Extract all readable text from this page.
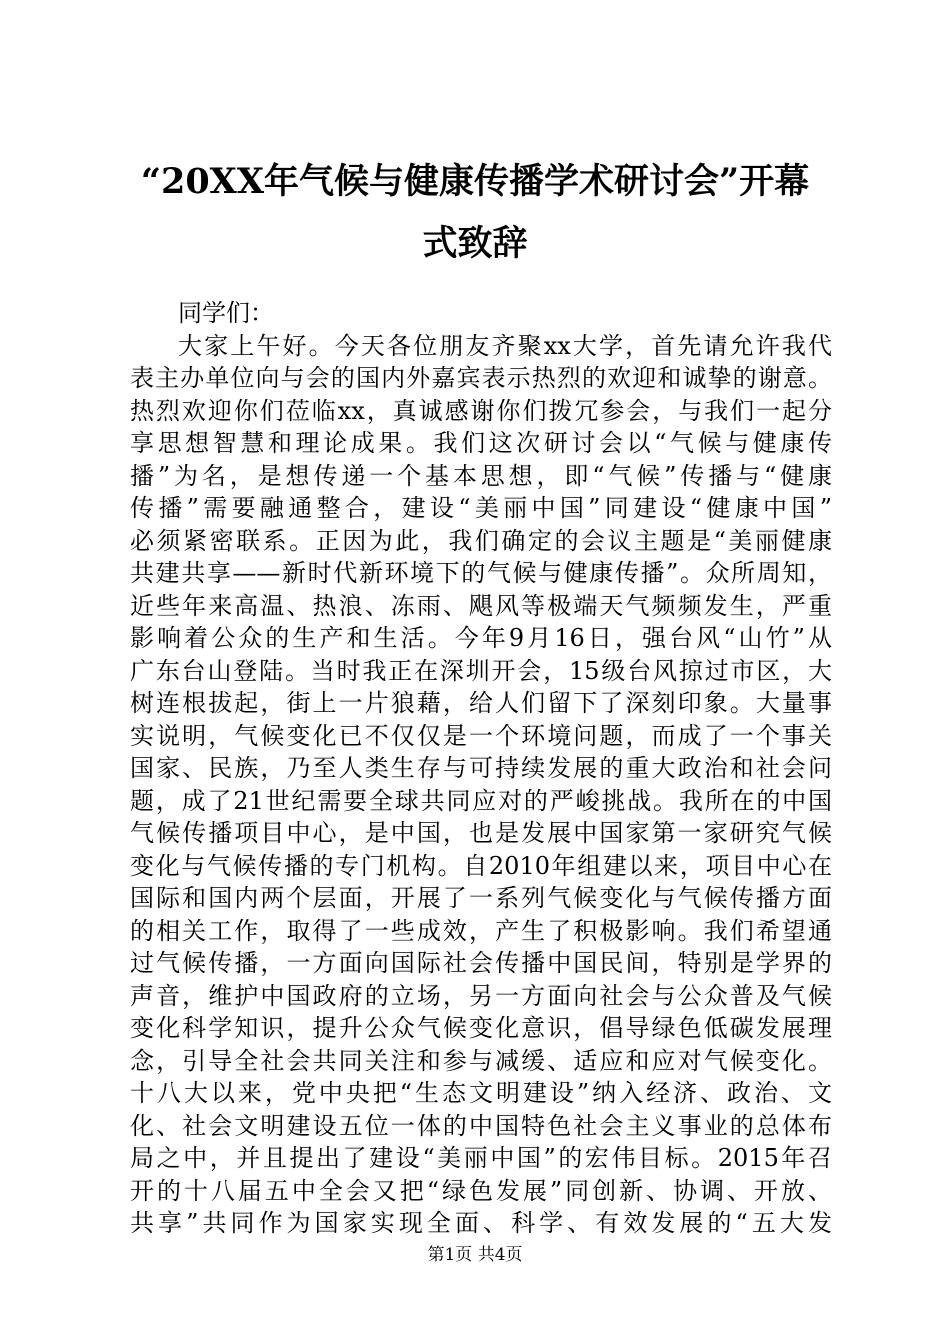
“20XX年气候与健康传播学术研讨会”开幕
式致辞
同学们：
大家上午好。今天各位朋友齐聚xx大学，首先请允许我代
表主办单位向与会的国内外嘉宾表示热烈的欢迎和诚挚的谢意。
热烈欢迎你们莅临xx，真诚感谢你们拨冗参会，与我们一起分
享思想智慧和理论成果。我们这次研讨会以“气候与健康传
播”为名，是想传递一个基本思想，即“气候”传播与“健康
传播”需要融通整合，建设“美丽中国”同建设“健康中国”
必须紧密联系。正因为此，我们确定的会议主题是“美丽健康
共建共享——新时代新环境下的气候与健康传播”。众所周知，
近些年来高温、热浪、冻雨、飓风等极端天气频频发生，严重
影响着公众的生产和生活。今年9月16日，强台风“山竹”从
广东台山登陆。当时我正在深圳开会，15级台风掠过市区，大
树连根拔起，街上一片狼藉，给人们留下了深刻印象。大量事
实说明，气候变化已不仅仅是一个环境问题，而成了一个事关
国家、民族，乃至人类生存与可持续发展的重大政治和社会问
题，成了21世纪需要全球共同应对的严峻挑战。我所在的中国
气候传播项目中心，是中国，也是发展中国家第一家研究气候
变化与气候传播的专门机构。自2010年组建以来，项目中心在
国际和国内两个层面，开展了一系列气候变化与气候传播方面
的相关工作，取得了一些成效，产生了积极影响。我们希望通
过气候传播，一方面向国际社会传播中国民间，特别是学界的
声音，维护中国政府的立场，另一方面向社会与公众普及气候
变化科学知识，提升公众气候变化意识，倡导绿色低碳发展理
念，引导全社会共同关注和参与减缓、适应和应对气候变化。
十八大以来，党中央把“生态文明建设”纳入经济、政治、文
化、社会文明建设五位一体的中国特色社会主义事业的总体布
局之中，并且提出了建设“美丽中国”的宏伟目标。2015年召
开的十八届五中全会又把“绿色发展”同创新、协调、开放、
共享”共同作为国家实现全面、科学、有效发展的“五大发
第1页 共4页
